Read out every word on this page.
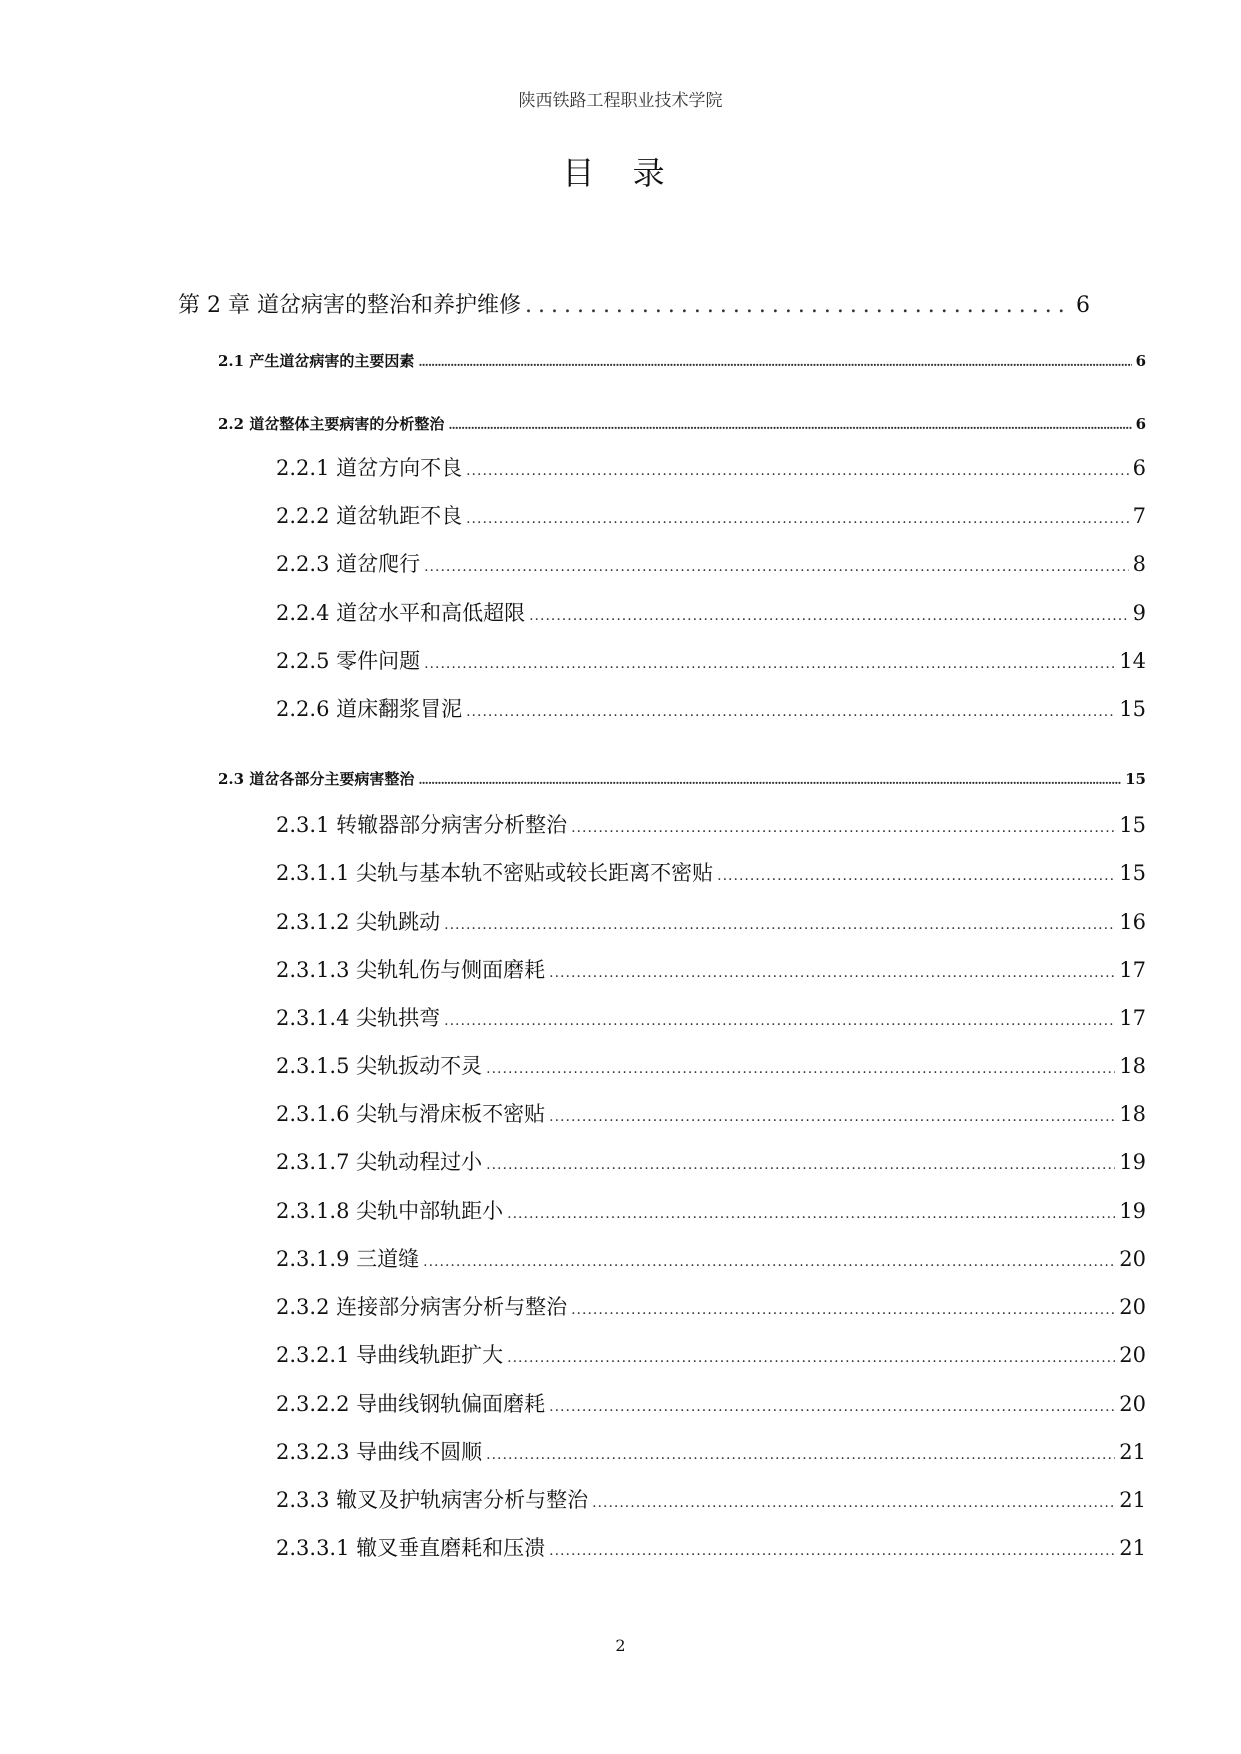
陕西铁路工程职业技术学院
目 录
第 2 章 道岔病害的整治和养护维修 .....	6
2.1 产生道岔病害的主要因素 .....	6
2.2 道岔整体主要病害的分析整治 .....	6
2.2.1 道岔方向不良 .....	6
2.2.2 道岔轨距不良 .....	7
2.2.3 道岔爬行 .....	8
2.2.4 道岔水平和高低超限 .....	9
2.2.5 零件问题 .....	14
2.2.6 道床翻浆冒泥 .....	15
2.3 道岔各部分主要病害整治 .....	15
2.3.1 转辙器部分病害分析整治 .....	15
2.3.1.1 尖轨与基本轨不密贴或较长距离不密贴 .....	15
2.3.1.2 尖轨跳动 .....	16
2.3.1.3 尖轨轧伤与侧面磨耗 .....	17
2.3.1.4 尖轨拱弯 .....	17
2.3.1.5 尖轨扳动不灵 .....	18
2.3.1.6 尖轨与滑床板不密贴 .....	18
2.3.1.7 尖轨动程过小 .....	19
2.3.1.8 尖轨中部轨距小 .....	19
2.3.1.9 三道缝 .....	20
2.3.2 连接部分病害分析与整治 .....	20
2.3.2.1 导曲线轨距扩大 .....	20
2.3.2.2 导曲线钢轨偏面磨耗 .....	20
2.3.2.3 导曲线不圆顺 .....	21
2.3.3 辙叉及护轨病害分析与整治 .....	21
2.3.3.1 辙叉垂直磨耗和压溃 .....	21
2
